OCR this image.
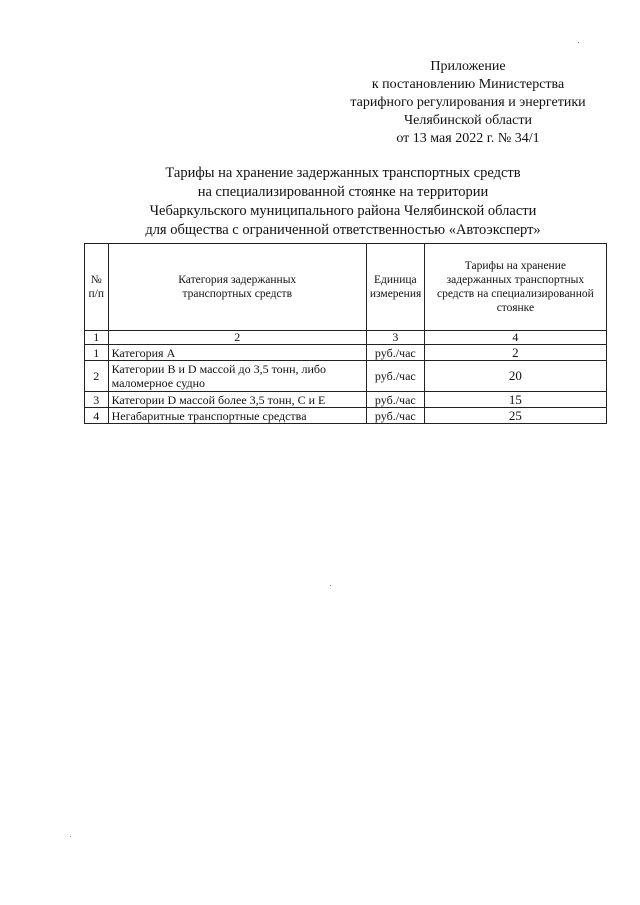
Приложение
к постановлению Министерства
тарифного регулирования и энергетики
Челябинской области
от 13 мая 2022 г. № 34/1
Тарифы на хранение задержанных транспортных средств
на специализированной стоянке на территории
Чебаркульского муниципального района Челябинской области
для общества с ограниченной ответственностью «Автоэксперт»
№ п/п	Категория задержанных транспортных средств	Единица измерения	Тарифы на хранение задержанных транспортных средств на специализированной стоянке
1	2	3	4
1	Категория А	руб./час	2
2	Категории B и D массой до 3,5 тонн, либо маломерное судно	руб./час	20
3	Категории D массой более 3,5 тонн, C и E	руб./час	15
4	Негабаритные транспортные средства	руб./час	25
